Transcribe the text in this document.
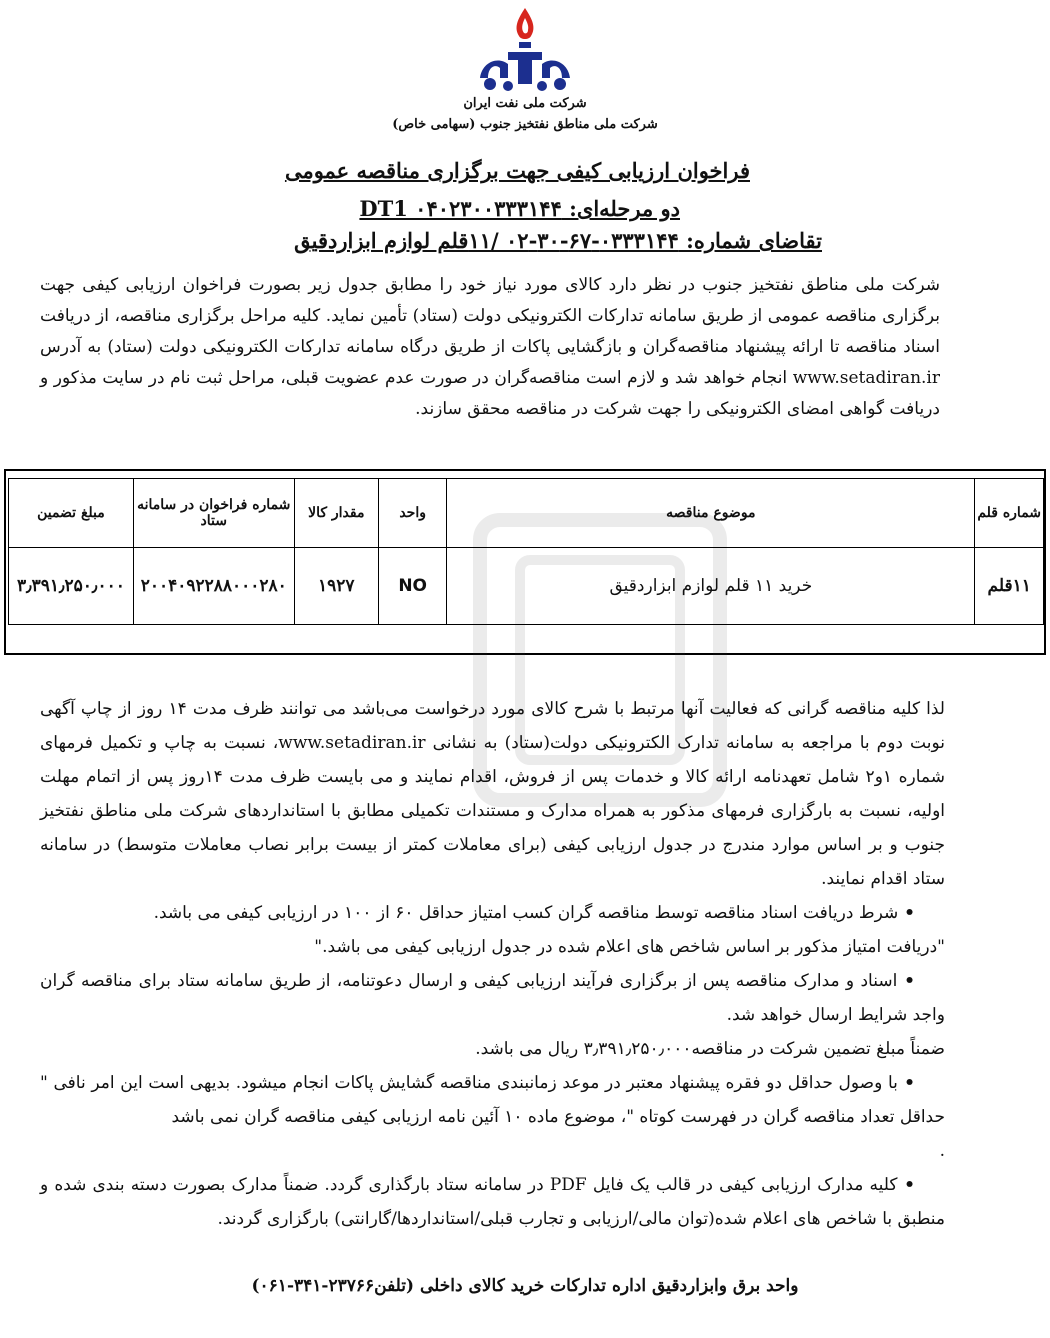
شرکت ملی نفت ایران
شرکت ملی مناطق نفتخیز جنوب (سهامی خاص)
فراخوان ارزیابی کیفی جهت برگزاری مناقصه عمومی
دو مرحله‌ای: DT1 ۰۴۰۲۳۰۰۳۳۳۱۴۴
تقاضای شماره: ۰۳۳۳۱۴۴-۶۷-۳۰-۰۲ /۱۱قلم لوازم ابزاردقیق
شرکت ملی مناطق نفتخیز جنوب در نظر دارد کالای مورد نیاز خود را مطابق جدول زیر بصورت فراخوان ارزیابی کیفی جهت برگزاری مناقصه عمومی از طریق سامانه تدارکات الکترونیکی دولت (ستاد) تأمین نماید. کلیه مراحل برگزاری مناقصه، از دریافت اسناد مناقصه تا ارائه پیشنهاد مناقصه‌گران و بازگشایی پاکات از طریق درگاه سامانه تدارکات الکترونیکی دولت (ستاد) به آدرس www.setadiran.ir انجام خواهد شد و لازم است مناقصه‌گران در صورت عدم عضویت قبلی، مراحل ثبت نام در سایت مذکور و دریافت گواهی امضای الکترونیکی را جهت شرکت در مناقصه محقق سازند.
شماره قلم	موضوع مناقصه	واحد	مقدار کالا	شماره فراخوان در سامانه ستاد	مبلغ تضمین
۱۱قلم	خرید ۱۱ قلم لوازم ابزاردقیق	NO	۱۹۲۷	۲۰۰۴۰۹۲۲۸۸۰۰۰۲۸۰	۳٫۳۹۱٫۲۵۰٫۰۰۰

لذا کلیه مناقصه گرانی که فعالیت آنها مرتبط با شرح کالای مورد درخواست می‌باشد می توانند ظرف مدت ۱۴ روز از چاپ آگهی نوبت دوم با مراجعه به سامانه تدارک الکترونیکی دولت(ستاد) به نشانی www.setadiran.ir، نسبت به چاپ و تکمیل فرمهای شماره ۱و۲ شامل تعهدنامه ارائه کالا و خدمات پس از فروش، اقدام نمایند و می بایست ظرف مدت ۱۴روز پس از اتمام مهلت اولیه، نسبت به بارگزاری فرمهای مذکور به همراه مدارک و مستندات تکمیلی مطابق با استانداردهای شرکت ملی مناطق نفتخیز جنوب و بر اساس موارد مندرج در جدول ارزیابی کیفی (برای معاملات کمتر از بیست برابر نصاب معاملات متوسط) در سامانه ستاد اقدام نمایند.

• شرط دریافت اسناد مناقصه توسط مناقصه گران کسب امتیاز حداقل ۶۰ از ۱۰۰ در ارزیابی کیفی می باشد.

"دریافت امتیاز مذکور بر اساس شاخص های اعلام شده در جدول ارزیابی کیفی می باشد."

• اسناد و مدارک مناقصه پس از برگزاری فرآیند ارزیابی کیفی و ارسال دعوتنامه، از طریق سامانه ستاد برای مناقصه گران واجد شرایط ارسال خواهد شد.

ضمناً مبلغ تضمین شرکت در مناقصه۳٫۳۹۱٫۲۵۰٫۰۰۰ ریال می باشد.

• با وصول حداقل دو فقره پیشنهاد معتبر در موعد زمانبندی مناقصه گشایش پاکات انجام میشود. بدیهی است این امر نافی " حداقل تعداد مناقصه گران در فهرست کوتاه "، موضوع ماده ۱۰ آئین نامه ارزیابی کیفی مناقصه گران نمی باشد

.

• کلیه مدارک ارزیابی کیفی در قالب یک فایل PDF در سامانه ستاد بارگذاری گردد. ضمناً مدارک بصورت دسته بندی شده و منطبق با شاخص های اعلام شده(توان مالی/ارزیابی و تجارب قبلی/استانداردها/گارانتی) بارگزاری گردند.

واحد برق وابزاردقیق اداره تدارکات خرید کالای داخلی (تلفن۲۳۷۶۶-۳۴۱-۰۶۱)
